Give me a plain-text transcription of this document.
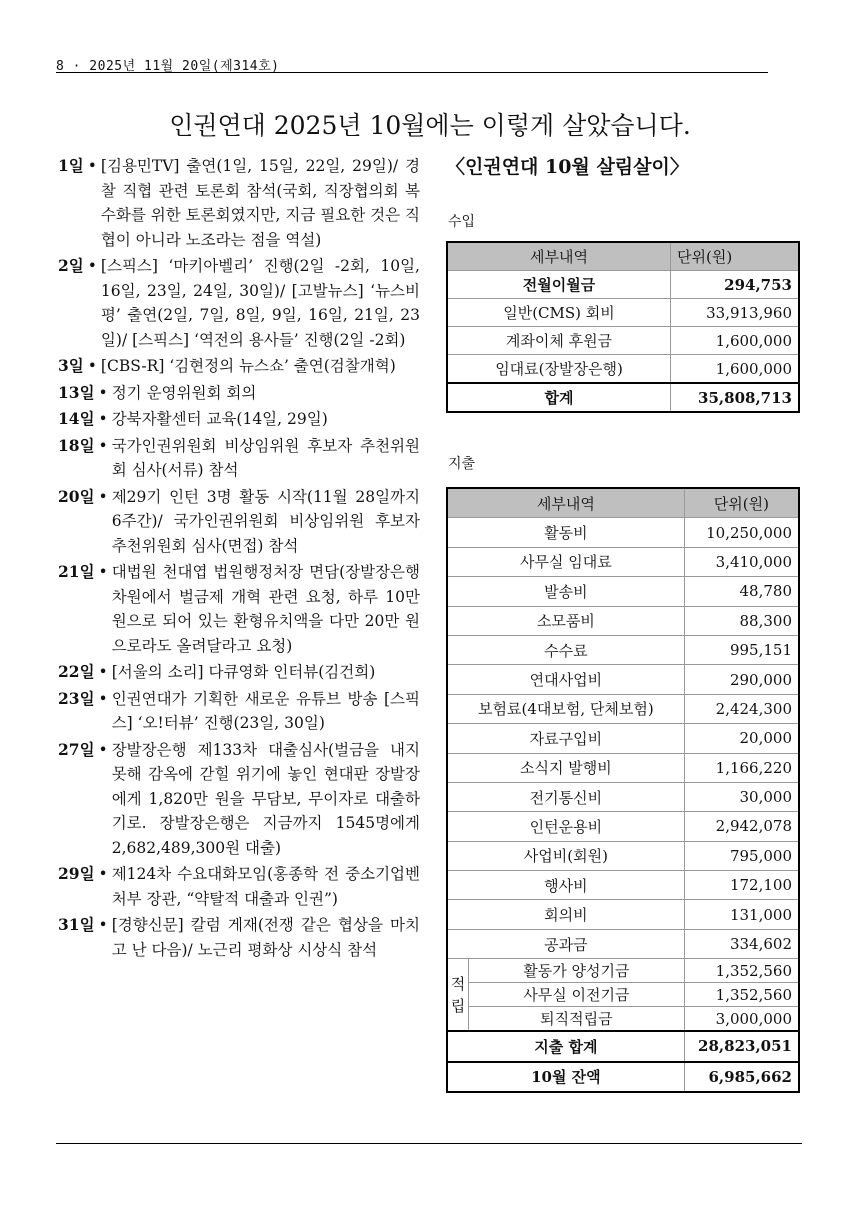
8 · 2025년 11월 20일(제314호)
인권연대 2025년 10월에는 이렇게 살았습니다.
1일 • [김용민TV] 출연(1일, 15일, 22일, 29일)/ 경찰 직협 관련 토론회 참석(국회, 직장협의회 복수화를 위한 토론회였지만, 지금 필요한 것은 직협이 아니라 노조라는 점을 역설)
2일 • [스픽스] ‘마키아벨리’ 진행(2일 -2회, 10일, 16일, 23일, 24일, 30일)/ [고발뉴스] ‘뉴스비평’ 출연(2일, 7일, 8일, 9일, 16일, 21일, 23일)/ [스픽스] ‘역전의 용사들’ 진행(2일 -2회)
3일 • [CBS-R] ‘김현정의 뉴스쇼’ 출연(검찰개혁)
13일 • 정기 운영위원회 회의
14일 • 강북자활센터 교육(14일, 29일)
18일 • 국가인권위원회 비상임위원 후보자 추천위원회 심사(서류) 참석
20일 • 제29기 인턴 3명 활동 시작(11월 28일까지 6주간)/ 국가인권위원회 비상임위원 후보자 추천위원회 심사(면접) 참석
21일 • 대법원 천대엽 법원행정처장 면담(장발장은행 차원에서 벌금제 개혁 관련 요청, 하루 10만 원으로 되어 있는 환형유치액을 다만 20만 원으로라도 올려달라고 요청)
22일 • [서울의 소리] 다큐영화 인터뷰(김건희)
23일 • 인권연대가 기획한 새로운 유튜브 방송 [스픽스] ‘오!터뷰’ 진행(23일, 30일)
27일 • 장발장은행 제133차 대출심사(벌금을 내지 못해 감옥에 갇힐 위기에 놓인 현대판 장발장에게 1,820만 원을 무담보, 무이자로 대출하기로. 장발장은행은 지금까지 1545명에게 2,682,489,300원 대출)
29일 • 제124차 수요대화모임(홍종학 전 중소기업벤처부 장관, “약탈적 대출과 인권”)
31일 • [경향신문] 칼럼 게재(전쟁 같은 협상을 마치고 난 다음)/ 노근리 평화상 시상식 참석
〈인권연대 10월 살림살이〉
수입
세부내역	단위(원)
전월이월금	294,753
일반(CMS) 회비	33,913,960
계좌이체 후원금	1,600,000
임대료(장발장은행)	1,600,000
합계	35,808,713
지출
세부내역		단위(원)
활동비		10,250,000
사무실 임대료		3,410,000
발송비		48,780
소모품비		88,300
수수료		995,151
연대사업비		290,000
보험료(4대보험, 단체보험)		2,424,300
자료구입비		20,000
소식지 발행비		1,166,220
전기통신비		30,000
인턴운용비		2,942,078
사업비(회원)		795,000
행사비		172,100
회의비		131,000
공과금		334,602

적
립	활동가 양성기금	1,352,560
	사무실 이전기금	1,352,560
	퇴직적립금	3,000,000
지출 합계		28,823,051
10월 잔액		6,985,662
